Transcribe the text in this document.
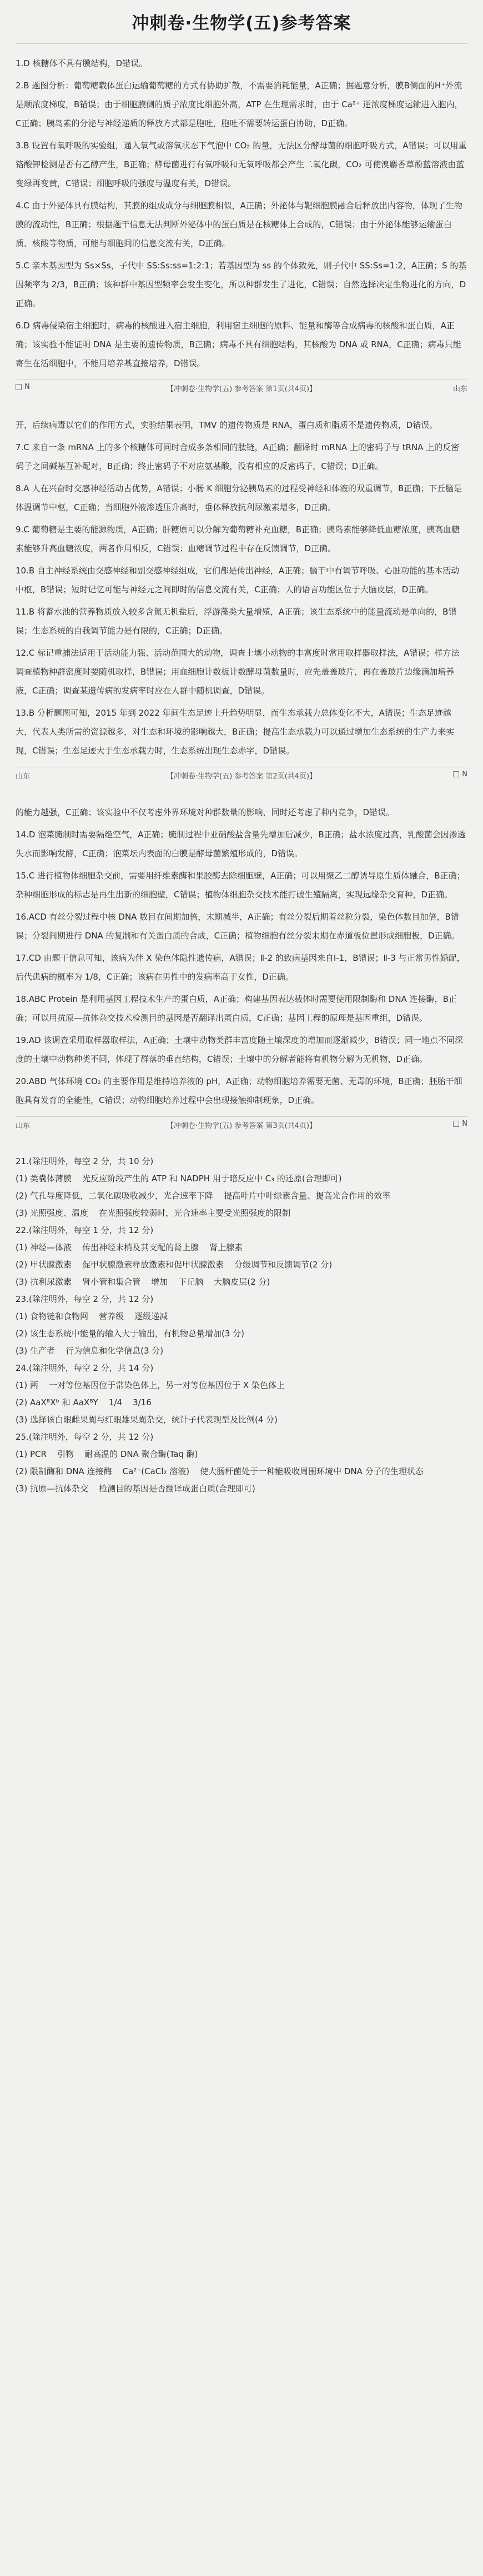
冲刺卷·生物学(五)参考答案
1.D 核糖体不具有膜结构，D错误。
2.B 题图分析：葡萄糖载体蛋白运输葡萄糖的方式有协助扩散，不需要消耗能量，A正确；据题意分析，膜B侧面的H⁺外流是顺浓度梯度，B错误；由于细胞膜侧的质子浓度比细胞外高，ATP 在生理需求时，由于 Ca²⁺ 逆浓度梯度运输进入胞内，C正确；胰岛素的分泌与神经递质的释放方式都是胞吐，胞吐不需要转运蛋白协助，D正确。
3.B 设置有氧呼吸的实验组，通入氧气或溶氧状态下气泡中 CO₂ 的量，无法区分酵母菌的细胞呼吸方式，A错误；可以用重铬酸钾检测是否有乙醇产生，B正确；酵母菌进行有氧呼吸和无氧呼吸都会产生二氧化碳，CO₂ 可使溴麝香草酚蓝溶液由蓝变绿再变黄，C错误；细胞呼吸的强度与温度有关，D错误。
4.C 由于外泌体具有膜结构，其膜的组成成分与细胞膜相似，A正确；外泌体与靶细胞膜融合后释放出内容物，体现了生物膜的流动性，B正确；根据题干信息无法判断外泌体中的蛋白质是在核糖体上合成的，C错误；由于外泌体能够运输蛋白质、核酸等物质，可能与细胞间的信息交流有关，D正确。
5.C 亲本基因型为 Ss×Ss，子代中 SS:Ss:ss=1:2:1；若基因型为 ss 的个体致死，则子代中 SS:Ss=1:2，A正确；S 的基因频率为 2/3，B正确；该种群中基因型频率会发生变化，所以种群发生了进化，C错误；自然选择决定生物进化的方向，D正确。
6.D 病毒侵染宿主细胞时，病毒的核酸进入宿主细胞，利用宿主细胞的原料、能量和酶等合成病毒的核酸和蛋白质，A正确；该实验不能证明 DNA 是主要的遗传物质，B正确；病毒不具有细胞结构，其核酸为 DNA 或 RNA，C正确；病毒只能寄生在活细胞中，不能用培养基直接培养，D错误。
N	【冲刺卷·生物学(五) 参考答案 第1页(共4页)】	山东
开，后续病毒以它们的作用方式，实验结果表明，TMV 的遗传物质是 RNA，蛋白质和脂质不是遗传物质，D错误。
7.C 来自一条 mRNA 上的多个核糖体可同时合成多条相同的肽链，A正确；翻译时 mRNA 上的密码子与 tRNA 上的反密码子之间碱基互补配对，B正确；终止密码子不对应氨基酸，没有相应的反密码子，C错误；D正确。
8.A 人在兴奋时交感神经活动占优势，A错误；小肠 K 细胞分泌胰岛素的过程受神经和体液的双重调节，B正确；下丘脑是体温调节中枢，C正确；当细胞外液渗透压升高时，垂体释放抗利尿激素增多，D正确。
9.C 葡萄糖是主要的能源物质，A正确；肝糖原可以分解为葡萄糖补充血糖，B正确；胰岛素能够降低血糖浓度，胰高血糖素能够升高血糖浓度，两者作用相反，C错误；血糖调节过程中存在反馈调节，D正确。
10.B 自主神经系统由交感神经和副交感神经组成，它们都是传出神经，A正确；脑干中有调节呼吸、心脏功能的基本活动中枢，B错误；短时记忆可能与神经元之间即时的信息交流有关，C正确；人的语言功能区位于大脑皮层，D正确。
11.B 将蓄水池的营养物质放入较多含氮无机盐后，浮游藻类大量增殖，A正确；该生态系统中的能量流动是单向的，B错误；生态系统的自我调节能力是有限的，C正确；D正确。
12.C 标记重捕法适用于活动能力强、活动范围大的动物，调查土壤小动物的丰富度时常用取样器取样法，A错误；样方法调查植物种群密度时要随机取样，B错误；用血细胞计数板计数酵母菌数量时，应先盖盖玻片，再在盖玻片边缘滴加培养液，C正确；调查某遗传病的发病率时应在人群中随机调查，D错误。
13.B 分析题图可知，2015 年到 2022 年间生态足迹上升趋势明显，而生态承载力总体变化不大，A错误；生态足迹越大，代表人类所需的资源越多，对生态和环境的影响越大，B正确；提高生态承载力可以通过增加生态系统的生产力来实现，C错误；生态足迹大于生态承载力时，生态系统出现生态赤字，D错误。
山东	【冲刺卷·生物学(五) 参考答案 第2页(共4页)】	N
的能力越强，C正确；该实验中不仅考虑外界环境对种群数量的影响，同时还考虑了种内竞争，D错误。
14.D 泡菜腌制时需要隔绝空气，A正确；腌制过程中亚硝酸盐含量先增加后减少，B正确；盐水浓度过高，乳酸菌会因渗透失水而影响发酵，C正确；泡菜坛内表面的白膜是酵母菌繁殖形成的，D错误。
15.C 进行植物体细胞杂交前，需要用纤维素酶和果胶酶去除细胞壁，A正确；可以用聚乙二醇诱导原生质体融合，B正确；杂种细胞形成的标志是再生出新的细胞壁，C错误；植物体细胞杂交技术能打破生殖隔离，实现远缘杂交育种，D正确。
16.ACD 有丝分裂过程中核 DNA 数目在间期加倍，末期减半，A正确；有丝分裂后期着丝粒分裂，染色体数目加倍，B错误；分裂间期进行 DNA 的复制和有关蛋白质的合成，C正确；植物细胞有丝分裂末期在赤道板位置形成细胞板，D正确。
17.CD 由题干信息可知，该病为伴 X 染色体隐性遗传病，A错误；Ⅱ-2 的致病基因来自Ⅰ-1，B错误；Ⅱ-3 与正常男性婚配，后代患病的概率为 1/8，C正确；该病在男性中的发病率高于女性，D正确。
18.ABC Protein 是利用基因工程技术生产的蛋白质，A正确；构建基因表达载体时需要使用限制酶和 DNA 连接酶，B正确；可以用抗原—抗体杂交技术检测目的基因是否翻译出蛋白质，C正确；基因工程的原理是基因重组，D错误。
19.AD 该调查采用取样器取样法，A正确；土壤中动物类群丰富度随土壤深度的增加而逐渐减少，B错误；同一地点不同深度的土壤中动物种类不同，体现了群落的垂直结构，C错误；土壤中的分解者能将有机物分解为无机物，D正确。
20.ABD 气体环境 CO₂ 的主要作用是维持培养液的 pH，A正确；动物细胞培养需要无菌、无毒的环境，B正确；胚胎干细胞具有发育的全能性，C错误；动物细胞培养过程中会出现接触抑制现象，D正确。
山东	【冲刺卷·生物学(五) 参考答案 第3页(共4页)】	N
21.(除注明外，每空 2 分，共 10 分)
(1) 类囊体薄膜    光反应阶段产生的 ATP 和 NADPH 用于暗反应中 C₃ 的还原(合理即可)
(2) 气孔导度降低，二氧化碳吸收减少，光合速率下降    提高叶片中叶绿素含量、提高光合作用的效率
(3) 光照强度、温度    在光照强度较弱时，光合速率主要受光照强度的限制
22.(除注明外，每空 1 分，共 12 分)
(1) 神经—体液    传出神经末梢及其支配的肾上腺    肾上腺素
(2) 甲状腺激素    促甲状腺激素释放激素和促甲状腺激素    分级调节和反馈调节(2 分)
(3) 抗利尿激素    肾小管和集合管    增加    下丘脑    大脑皮层(2 分)
23.(除注明外，每空 2 分，共 12 分)
(1) 食物链和食物网    营养级    逐级递减
(2) 该生态系统中能量的输入大于输出，有机物总量增加(3 分)
(3) 生产者    行为信息和化学信息(3 分)
24.(除注明外，每空 2 分，共 14 分)
(1) 两    一对等位基因位于常染色体上，另一对等位基因位于 X 染色体上
(2) AaXᴮXᵇ 和 AaXᴮY    1/4    3/16
(3) 选择该白眼雌果蝇与红眼雄果蝇杂交，统计子代表现型及比例(4 分)
25.(除注明外，每空 2 分，共 12 分)
(1) PCR    引物    耐高温的 DNA 聚合酶(Taq 酶)
(2) 限制酶和 DNA 连接酶    Ca²⁺(CaCl₂ 溶液)    使大肠杆菌处于一种能吸收周围环境中 DNA 分子的生理状态
(3) 抗原—抗体杂交    检测目的基因是否翻译成蛋白质(合理即可)
